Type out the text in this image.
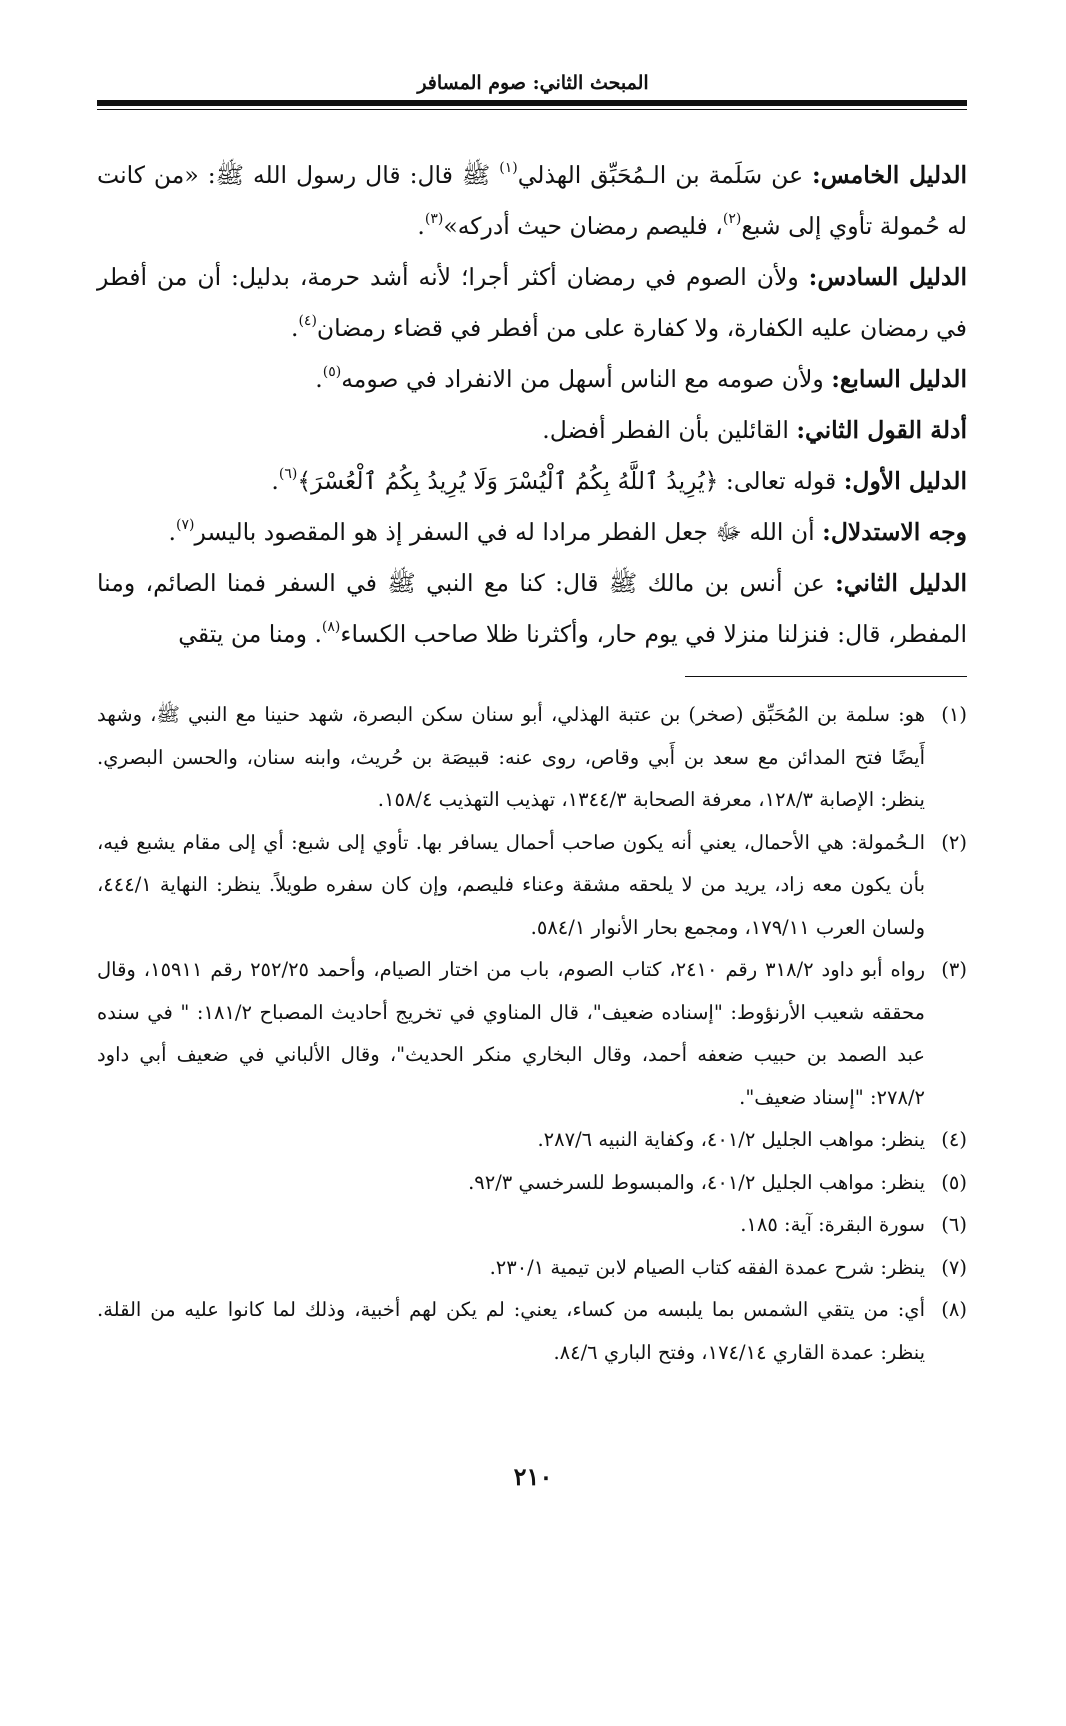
المبحث الثاني: صوم المسافر

الدليل الخامس: عن سَلَمة بن الـمُحَبِّق الهذلي$^{(١)}$ ﷺ قال: قال رسول الله ﷺ: «من كانت له حُمولة تأوي إلى شبع$^{(٢)}$، فليصم رمضان حيث أدركه»$^{(٣)}$.

الدليل السادس: ولأن الصوم في رمضان أكثر أجرا؛ لأنه أشد حرمة، بدليل: أن من أفطر في رمضان عليه الكفارة، ولا كفارة على من أفطر في قضاء رمضان$^{(٤)}$.

الدليل السابع: ولأن صومه مع الناس أسهل من الانفراد في صومه$^{(٥)}$.

أدلة القول الثاني: القائلين بأن الفطر أفضل.

الدليل الأول: قوله تعالى: ﴿يُرِيدُ ٱللَّهُ بِكُمُ ٱلْيُسْرَ وَلَا يُرِيدُ بِكُمُ ٱلْعُسْرَ﴾$^{(٦)}$.

وجه الاستدلال: أن الله ﷻ جعل الفطر مرادا له في السفر إذ هو المقصود باليسر$^{(٧)}$.

الدليل الثاني: عن أنس بن مالك ﷺ قال: كنا مع النبي ﷺ في السفر فمنا الصائم، ومنا المفطر، قال: فنزلنا منزلا في يوم حار، وأكثرنا ظلا صاحب الكساء$^{(٨)}$. ومنا من يتقي

(١)
هو: سلمة بن المُحَبِّق (صخر) بن عتبة الهذلي، أبو سنان سكن البصرة، شهد حنينا مع النبي ﷺ، وشهد أَيضًا فتح المدائن مع سعد بن أَبي وقاص، روى عنه: قبيصَة بن حُريث، وابنه سنان، والحسن البصري. ينظر: الإصابة ١٢٨/٣، معرفة الصحابة ١٣٤٤/٣، تهذيب التهذيب ١٥٨/٤.
(٢)
الـحُمولة: هي الأحمال، يعني أنه يكون صاحب أحمال يسافر بها. تأوي إلى شبع: أي إلى مقام يشبع فيه، بأن يكون معه زاد، يريد من لا يلحقه مشقة وعناء فليصم، وإن كان سفره طويلاً. ينظر: النهاية ٤٤٤/١، ولسان العرب ١٧٩/١١، ومجمع بحار الأنوار ٥٨٤/١.
(٣)
رواه أبو داود ٣١٨/٢ رقم ٢٤١٠، كتاب الصوم، باب من اختار الصيام، وأحمد ٢٥٢/٢٥ رقم ١٥٩١١، وقال محققه شعيب الأرنؤوط: "إسناده ضعيف"، قال المناوي في تخريج أحاديث المصباح ١٨١/٢: " في سنده عبد الصمد بن حبيب ضعفه أحمد، وقال البخاري منكر الحديث"، وقال الألباني في ضعيف أبي داود ٢٧٨/٢: "إسناد ضعيف".
(٤)
ينظر: مواهب الجليل ٤٠١/٢، وكفاية النبيه ٢٨٧/٦.
(٥)
ينظر: مواهب الجليل ٤٠١/٢، والمبسوط للسرخسي ٩٢/٣.
(٦)
سورة البقرة: آية: ١٨٥.
(٧)
ينظر: شرح عمدة الفقه كتاب الصيام لابن تيمية ٢٣٠/١.
(٨)
أي: من يتقي الشمس بما يلبسه من كساء، يعني: لم يكن لهم أخبية، وذلك لما كانوا عليه من القلة. ينظر: عمدة القاري ١٧٤/١٤، وفتح الباري ٨٤/٦.
٢١٠
